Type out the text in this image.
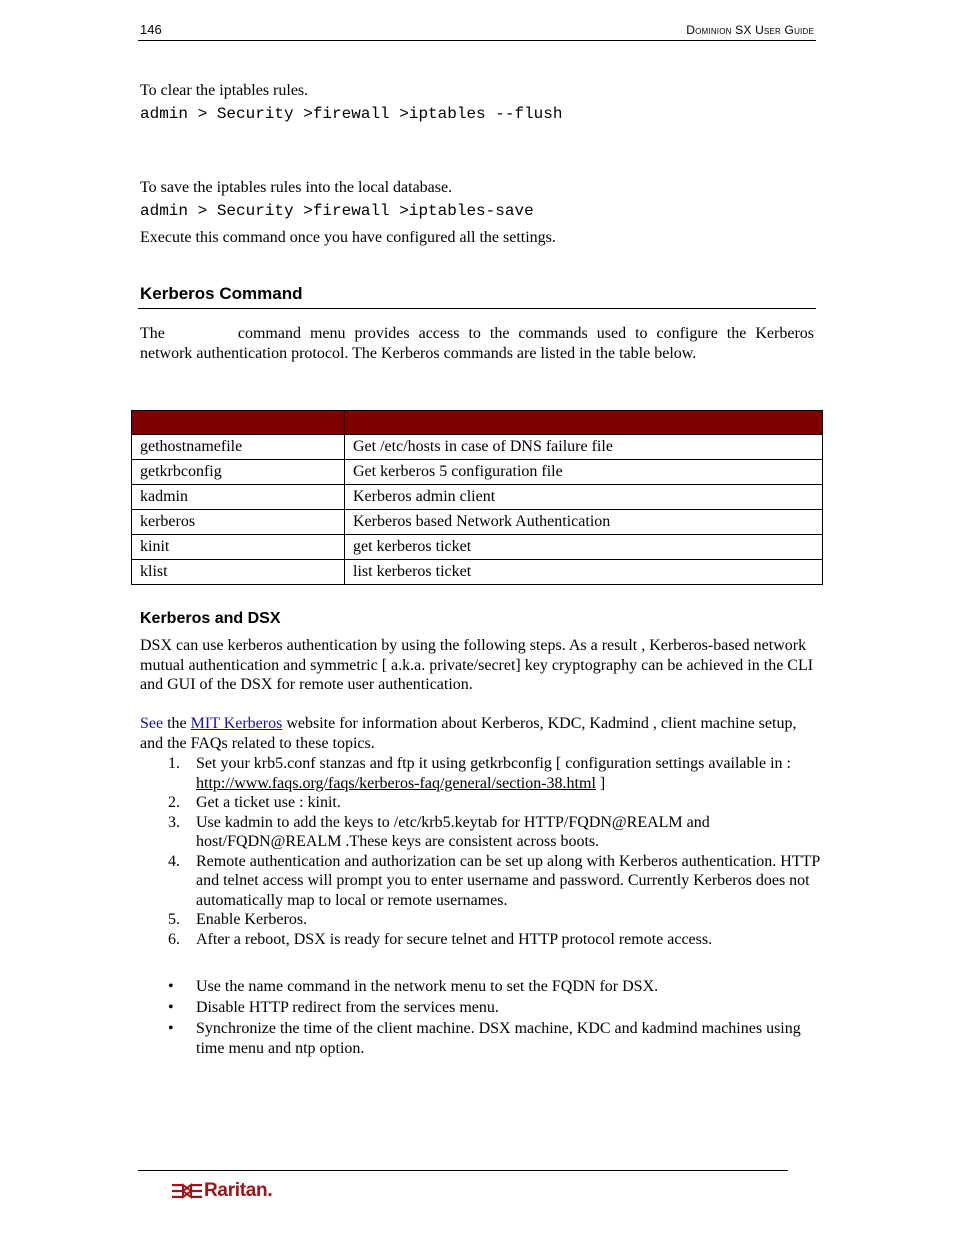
146	Dominion SX User Guide
To clear the iptables rules.
admin > Security >firewall >iptables --flush
To save the iptables rules into the local database.
admin > Security >firewall >iptables-save
Execute this command once you have configured all the settings.
Kerberos Command
The	command menu provides access to the commands used to configure the Kerberos network authentication protocol. The Kerberos commands are listed in the table below.

gethostnamefile	Get /etc/hosts in case of DNS failure file
getkrbconfig	Get kerberos 5 configuration file
kadmin	Kerberos admin client
kerberos	Kerberos based Network Authentication
kinit	get kerberos ticket
klist	list kerberos ticket
Kerberos and DSX
DSX can use kerberos authentication by using the following steps. As a result , Kerberos-based network mutual authentication and symmetric [ a.k.a. private/secret] key cryptography can be achieved in the CLI and GUI of the DSX for remote user authentication.
See the MIT Kerberos website for information about Kerberos, KDC, Kadmind , client machine setup, and the FAQs related to these topics.
1.	Set your krb5.conf stanzas and ftp it using getkrbconfig [ configuration settings available in : http://www.faqs.org/faqs/kerberos-faq/general/section-38.html ]
2.	Get a ticket use : kinit.
3.	Use kadmin to add the keys to /etc/krb5.keytab for HTTP/FQDN@REALM and host/FQDN@REALM .These keys are consistent across boots.
4.	Remote authentication and authorization can be set up along with Kerberos authentication. HTTP and telnet access will prompt you to enter username and password. Currently Kerberos does not automatically map to local or remote usernames.
5.	Enable Kerberos.
6.	After a reboot, DSX is ready for secure telnet and HTTP protocol remote access.
•	Use the name command in the network menu to set the FQDN for DSX.
•	Disable HTTP redirect from the services menu.
•	Synchronize the time of the client machine. DSX machine, KDC and kadmind machines using time menu and ntp option.
Raritan.
